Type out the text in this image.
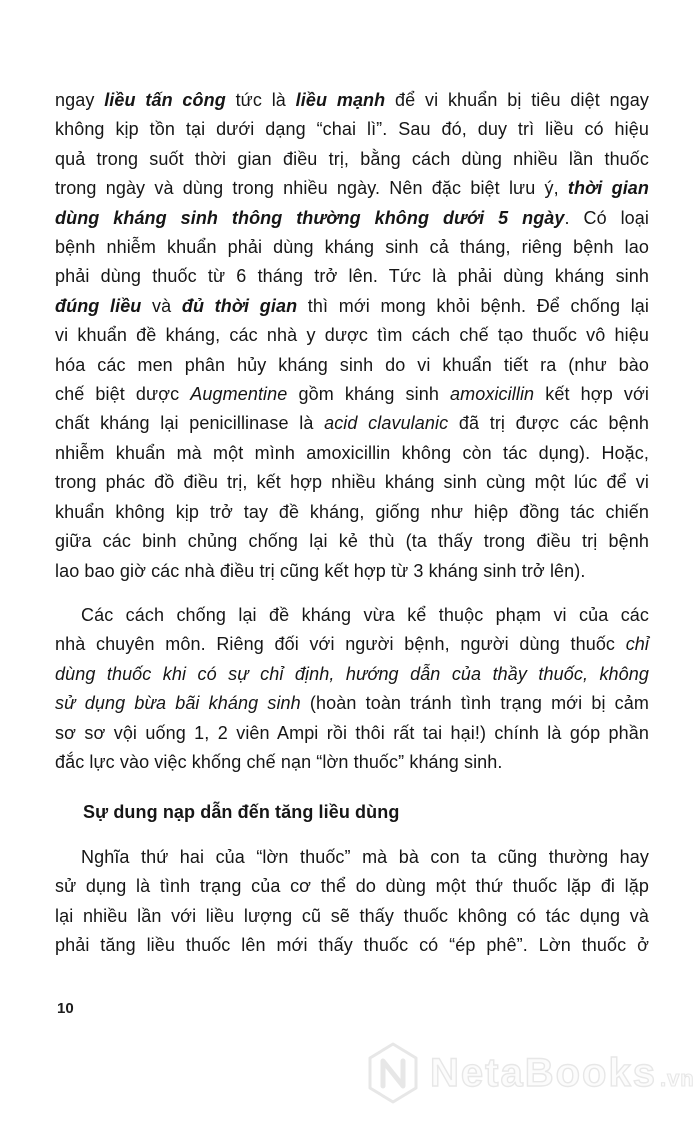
ngay liều tấn công tức là liều mạnh để vi khuẩn bị tiêu diệt ngay
không kịp tồn tại dưới dạng “chai lì”. Sau đó, duy trì liều có hiệu
quả trong suốt thời gian điều trị, bằng cách dùng nhiều lần thuốc
trong ngày và dùng trong nhiều ngày. Nên đặc biệt lưu ý, thời gian
dùng kháng sinh thông thường không dưới 5 ngày. Có loại
bệnh nhiễm khuẩn phải dùng kháng sinh cả tháng, riêng bệnh lao
phải dùng thuốc từ 6 tháng trở lên. Tức là phải dùng kháng sinh
đúng liều và đủ thời gian thì mới mong khỏi bệnh. Để chống lại
vi khuẩn đề kháng, các nhà y dược tìm cách chế tạo thuốc vô hiệu
hóa các men phân hủy kháng sinh do vi khuẩn tiết ra (như bào
chế biệt dược Augmentine gồm kháng sinh amoxicillin kết hợp với
chất kháng lại penicillinase là acid clavulanic đã trị được các bệnh
nhiễm khuẩn mà một mình amoxicillin không còn tác dụng). Hoặc,
trong phác đồ điều trị, kết hợp nhiều kháng sinh cùng một lúc để vi
khuẩn không kịp trở tay đề kháng, giống như hiệp đồng tác chiến
giữa các binh chủng chống lại kẻ thù (ta thấy trong điều trị bệnh
lao bao giờ các nhà điều trị cũng kết hợp từ 3 kháng sinh trở lên).
Các cách chống lại đề kháng vừa kể thuộc phạm vi của các
nhà chuyên môn. Riêng đối với người bệnh, người dùng thuốc chỉ
dùng thuốc khi có sự chỉ định, hướng dẫn của thầy thuốc, không
sử dụng bừa bãi kháng sinh (hoàn toàn tránh tình trạng mới bị cảm
sơ sơ vội uống 1, 2 viên Ampi rồi thôi rất tai hại!) chính là góp phần
đắc lực vào việc khống chế nạn “lờn thuốc” kháng sinh.
Sự dung nạp dẫn đến tăng liều dùng
Nghĩa thứ hai của “lờn thuốc” mà bà con ta cũng thường hay
sử dụng là tình trạng của cơ thể do dùng một thứ thuốc lặp đi lặp
lại nhiều lần với liều lượng cũ sẽ thấy thuốc không có tác dụng và
phải tăng liều thuốc lên mới thấy thuốc có “ép phê”. Lờn thuốc ở
10
NetaBooks .vn
